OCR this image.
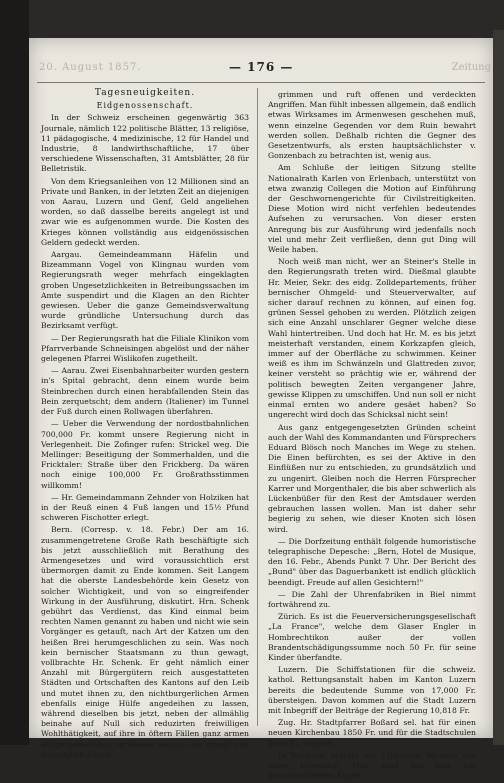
20. August 1857.	— 176 —	Zeitung
Tagesneuigkeiten.
Eidgenossenschaft.

In der Schweiz erscheinen gegenwärtig 363 Journale, nämlich 122 politische Blätter, 13 religiöse, 11 pädagogische, 4 medizinische, 12 für Handel und Industrie, 8 landwirthschaftliche, 17 über verschiedene Wissenschaften, 31 Amtsblätter, 28 für Belletristik.

Von dem Kriegsanleihen von 12 Millionen sind an Private und Banken, in der letzten Zeit an diejenigen von Aarau, Luzern und Genf, Geld angeliehen worden, so daß dasselbe bereits angelegt ist und zwar wie es aufgenommen wurde. Die Kosten des Krieges können vollständig aus eidgenössischen Geldern gedeckt werden.

Aargau. Gemeindeammann Häfelin und Bizeammann Vogel von Klingnau wurden vom Regierungsrath weger mehrfach eingeklagten groben Ungesetzlichkeiten in Betreibungssachen im Amte suspendirt und die Klagen an den Richter gewiesen. Ueber die ganze Gemeindsverwaltung wurde gründliche Untersuchung durch das Bezirksamt verfügt.

— Der Regierungsrath hat die Filiale Klinikon vom Pfarrverbande Schneisingen abgelöst und der näher gelegenen Pfarrei Wislikofen zugetheilt.

— Aarau. Zwei Eisenbahnarbeiter wurden gestern in's Spital gebracht, denn einem wurde beim Steinbrechen durch einen herabfallenden Stein das Bein zerquetscht; dem andern (Italiener) im Tunnel der Fuß durch einen Rollwagen überfahren.

— Ueber die Verwendung der nordostbahnlichen 700,000 Fr. kommt unsere Regierung nicht in Verlegenheit. Die Zofinger rufen: Strickel weg. Die Mellinger: Beseitigung der Sommerhalden, und die Fricktaler: Straße über den Frickberg. Da wären noch einige 100,000 Fr. Großrathsstimmen willkomm!

— Hr. Gemeindammann Zehnder von Holziken hat in der Reuß einen 4 Fuß langen und 15½ Pfund schweren Fischotter erlegt.

Bern. (Corresp. v. 18. Febr.) Der am 16. zusammengetretene Große Rath beschäftigte sich bis jetzt ausschließlich mit Berathung des Armengesetzes und wird voraussichtlich erst übermorgen damit zu Ende kommen. Seit Langem hat die oberste Landesbehörde kein Gesetz von solcher Wichtigkeit, und von so eingreifender Wirkung in der Ausführung, diskutirt. Hrn. Schenk gebührt das Verdienst, das Kind einmal beim rechten Namen genannt zu haben und nicht wie sein Vorgänger es getauft, nach Art der Katzen um den heißen Brei herumgeschlichen zu sein. Was noch kein bernischer Staatsmann zu thun gewagt, vollbrachte Hr. Schenk. Er geht nämlich einer Anzahl mit Bürgergütern reich ausgestatteten Städten und Ortschaften des Kantons auf den Leib und mutet ihnen zu, den nichtburgerlichen Armen ebenfalls einige Hülfe angedeihen zu lassen, während dieselben bis jetzt, neben der allmählig beinahe auf Null sich reduzirten freiwilligen Wohlthätigkeit, auf ihre in öftern Fällen ganz armen Bürgergemeinden verwiesen waren. Das erregt nun männiglich Bauch-

grimmen und ruft offenen und verdeckten Angriffen. Man fühlt inbessen allgemein, daß endlich etwas Wirksames im Armenwesen geschehen muß, wenn einzelne Gegenden vor dem Ruin bewahrt werden sollen. Deßhalb richten die Gegner des Gesetzentwurfs, als ersten hauptsächlichster v. Gonzenbach zu betrachten ist, wenig aus.

Am Schluße der leitigen Sitzung stellte Nationalrath Karlen von Erlenbach, unterstützt von etwa zwanzig Collegen die Motion auf Einführung der Geschwornengerichte für Civilstreitigkeiten. Diese Motion wird nicht verfehlen bedeutendes Aufsehen zu verursachen. Von dieser ersten Anregung bis zur Ausführung wird jedenfalls noch viel und mehr Zeit verfließen, denn gut Ding will Weile haben.

Noch weiß man nicht, wer an Steiner's Stelle in den Regierungsrath treten wird. Dießmal glaubte Hr. Meier, Sekr. des eidg. Zolldepartements, früher bernischer Ohmgeld- und Steuerverwalter, auf sicher darauf rechnen zu können, auf einen fog. grünen Sessel gehoben zu werden. Plötzlich zeigen sich eine Anzahl unschlarer Gegner welche diese Wahl hintertreiben. Und doch hat Hr. M. es bis jetzt meisterhaft verstanden, einem Korkzapfen gleich, immer auf der Oberfläche zu schwimmen. Keiner weiß es ihm im Schwänzeln und Glattreden zuvor, keiner versteht so prächtig wie er, während der politisch bewegten Zeiten vergangener Jahre, gewisse Klippen zu umschiffen. Und nun soll er nicht einmal ernten wo andere gesäet haben? So ungerecht wird doch das Schicksal nicht sein!

Aus ganz entgegengesetzten Gründen scheint auch der Wahl des Kommandanten und Fürsprechers Eduard Blösch noch Manches im Wege zu stehen. Die Einen befürchten, es sei der Aktive in den Einflüßen nur zu entschieden, zu grundsätzlich und zu ungenirt. Gleiben noch die Herren Fürsprecher Karrer und Morgenthaler, die bis aber schwerlich als Lückenbüßer für den Rest der Amtsdauer werden gebrauchen lassen wollen. Man ist daher sehr begierig zu sehen, wie dieser Knoten sich lösen wird.

— Die Dorfzeitung enthält folgende humoristische telegraphische Depesche: „Bern, Hotel de Musique, den 16. Febr., Abends Punkt 7 Uhr. Der Bericht des „Bund" über das Daguerbankett ist endlich glücklich beendigt. Freude auf allen Gesichtern!"

— Die Zahl der Uhrenfabriken in Biel nimmt fortwährend zu.

Zürich. Es ist die Feuerversicherungsgesellschaft „La France", welche dem Glaser Engler in Hombrechtikon außer der vollen Brandentschädigungssumme noch 50 Fr. für seine Kinder überfandte.

Luzern. Die Schiffstationen für die schweiz. kathol. Rettungsanstalt haben im Kanton Luzern bereits die bedeutende Summe von 17,000 Fr. übersteigen. Davon kommen auf die Stadt Luzern mit Inbegriff der Beiträge der Regierung 10,818 Fr.

Zug. Hr. Stadtpfarrer Boßard sel. hat für einen neuen Kirchenbau 1850 Fr. und für die Stadtschulen 2000 Fr. vergabt.

In Neuheim stürzte ein 21jähriger Mensch von einer Felswand. Man fand ihn todt mit zerschmettertem Kopfe.
